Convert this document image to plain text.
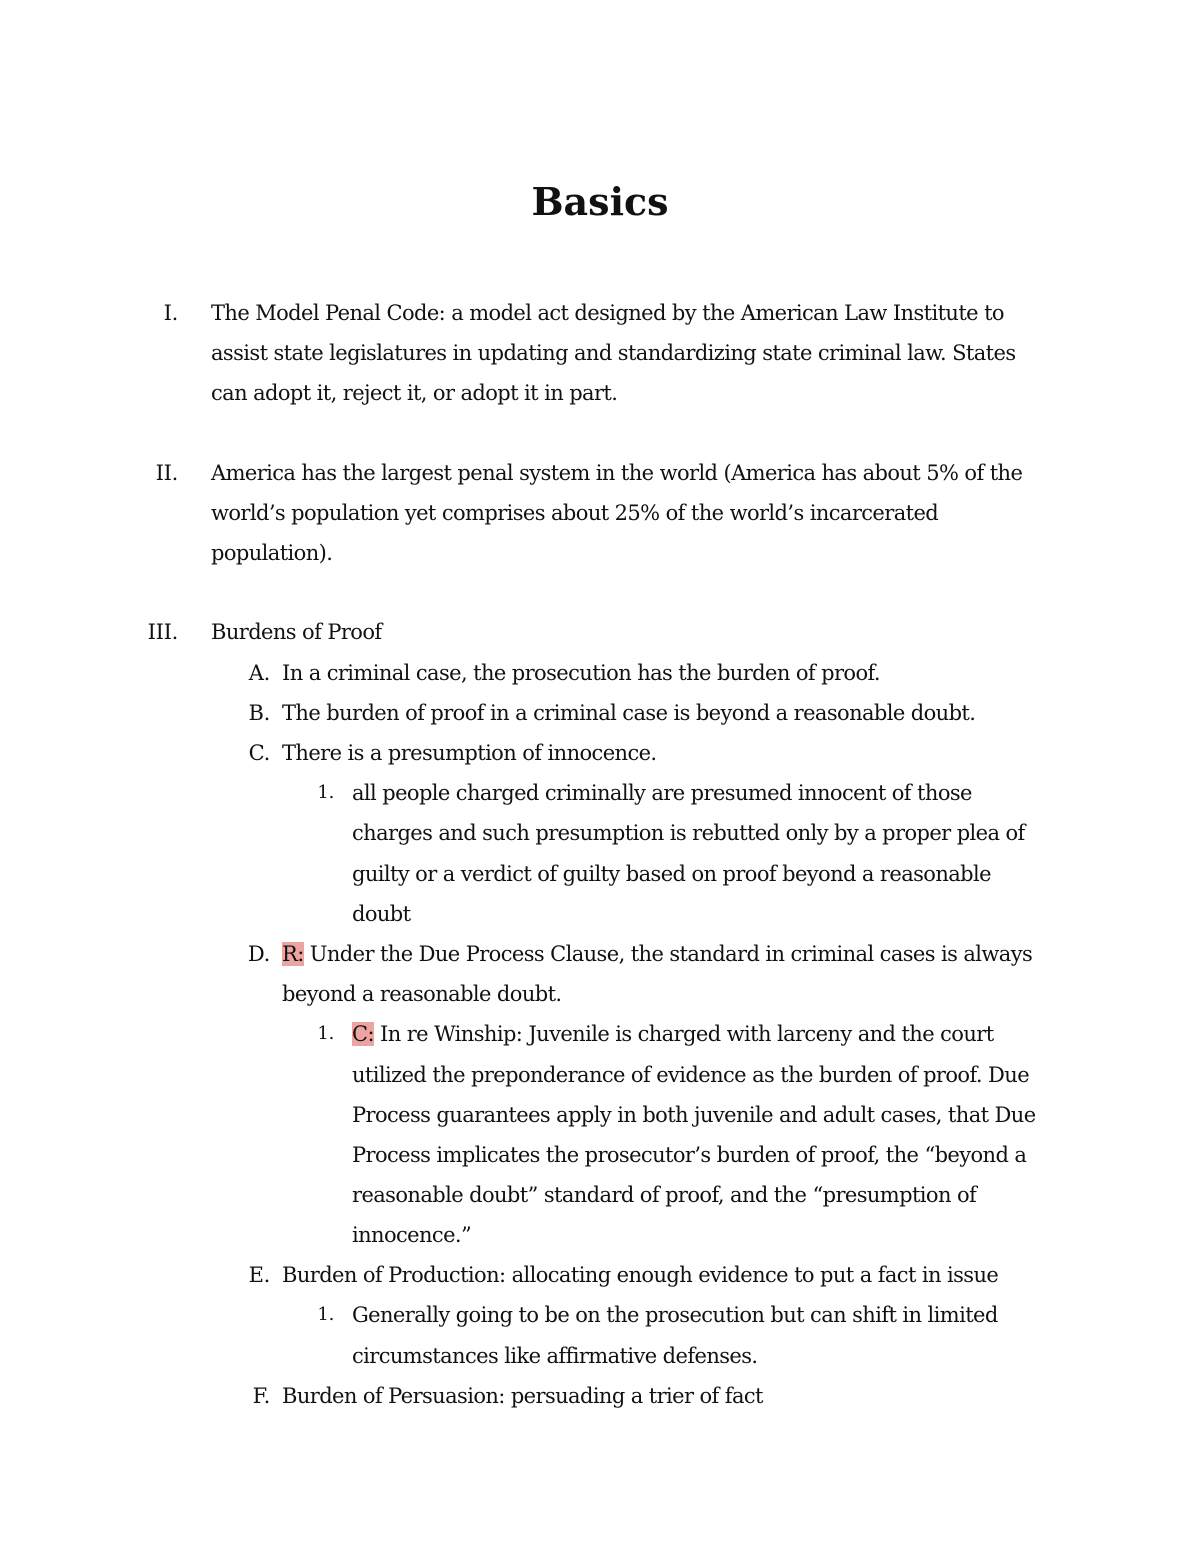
Basics
I. The Model Penal Code: a model act designed by the American Law Institute to
assist state legislatures in updating and standardizing state criminal law. States
can adopt it, reject it, or adopt it in part.
II. America has the largest penal system in the world (America has about 5% of the
world’s population yet comprises about 25% of the world’s incarcerated
population).
III. Burdens of Proof
A. In a criminal case, the prosecution has the burden of proof.
B. The burden of proof in a criminal case is beyond a reasonable doubt.
C. There is a presumption of innocence.
1. all people charged criminally are presumed innocent of those
charges and such presumption is rebutted only by a proper plea of
guilty or a verdict of guilty based on proof beyond a reasonable
doubt
D. R: Under the Due Process Clause, the standard in criminal cases is always
beyond a reasonable doubt.
1. C: In re Winship: Juvenile is charged with larceny and the court
utilized the preponderance of evidence as the burden of proof. Due
Process guarantees apply in both juvenile and adult cases, that Due
Process implicates the prosecutor’s burden of proof, the “beyond a
reasonable doubt” standard of proof, and the “presumption of
innocence.”
E. Burden of Production: allocating enough evidence to put a fact in issue
1. Generally going to be on the prosecution but can shift in limited
circumstances like affirmative defenses.
F. Burden of Persuasion: persuading a trier of fact
